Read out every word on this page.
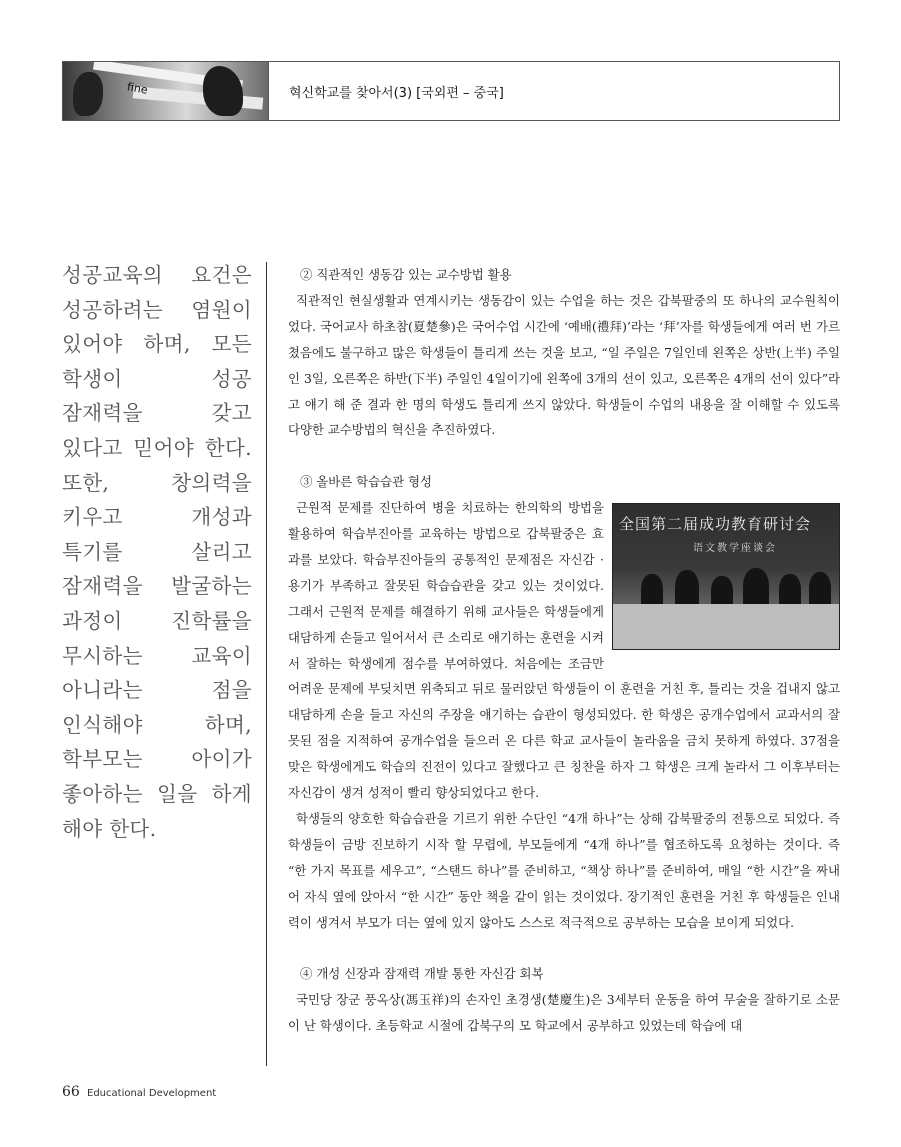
fine	혁신학교를 찾아서(3) [국외편 – 중국]
성공교육의 요건은 성공하려는 염원이 있어야 하며, 모든 학생이 성공 잠재력을 갖고 있다고 믿어야 한다. 또한, 창의력을 키우고 개성과 특기를 살리고 잠재력을 발굴하는 과정이 진학률을 무시하는 교육이 아니라는 점을 인식해야 하며, 학부모는 아이가 좋아하는 일을 하게 해야 한다.

② 직관적인 생동감 있는 교수방법 활용

직관적인 현실생활과 연계시키는 생동감이 있는 수업을 하는 것은 갑북팔중의 또 하나의 교수원칙이었다. 국어교사 하초참(夏楚參)은 국어수업 시간에 ‘예배(禮拜)’라는 ‘拜’자를 학생들에게 여러 번 가르쳤음에도 불구하고 많은 학생들이 틀리게 쓰는 것을 보고, “일 주일은 7일인데 왼쪽은 상반(上半) 주일인 3일, 오른쪽은 하반(下半) 주일인 4일이기에 왼쪽에 3개의 선이 있고, 오른쪽은 4개의 선이 있다”라고 얘기 해 준 결과 한 명의 학생도 틀리게 쓰지 않았다. 학생들이 수업의 내용을 잘 이해할 수 있도록 다양한 교수방법의 혁신을 추진하였다.

③ 올바른 학습습관 형성

全国第二届成功教育研讨会
语文教学座谈会

근원적 문제를 진단하여 병을 치료하는 한의학의 방법을 활용하여 학습부진아를 교육하는 방법으로 갑북팔중은 효과를 보았다. 학습부진아들의 공통적인 문제점은 자신감 · 용기가 부족하고 잘못된 학습습관을 갖고 있는 것이었다. 그래서 근원적 문제를 해결하기 위해 교사들은 학생들에게 대담하게 손들고 일어서서 큰 소리로 얘기하는 훈련을 시켜서 잘하는 학생에게 점수를 부여하였다. 처음에는 조금만 어려운 문제에 부딪치면 위축되고 뒤로 물러앉던 학생들이 이 훈련을 거친 후, 틀리는 것을 겁내지 않고 대담하게 손을 들고 자신의 주장을 얘기하는 습관이 형성되었다. 한 학생은 공개수업에서 교과서의 잘못된 점을 지적하여 공개수업을 들으러 온 다른 학교 교사들이 놀라움을 금치 못하게 하였다. 37점을 맞은 학생에게도 학습의 진전이 있다고 잘했다고 큰 칭찬을 하자 그 학생은 크게 놀라서 그 이후부터는 자신감이 생겨 성적이 빨리 향상되었다고 한다.

학생들의 양호한 학습습관을 기르기 위한 수단인 “4개 하나”는 상해 갑북팔중의 전통으로 되었다. 즉 학생들이 금방 진보하기 시작 할 무렵에, 부모들에게 “4개 하나”를 협조하도록 요청하는 것이다. 즉 “한 가지 목표를 세우고”, “스탠드 하나”를 준비하고, “책상 하나”를 준비하여, 매일 “한 시간”을 짜내어 자식 옆에 앉아서 “한 시간” 동안 책을 같이 읽는 것이었다. 장기적인 훈련을 거친 후 학생들은 인내력이 생겨서 부모가 더는 옆에 있지 않아도 스스로 적극적으로 공부하는 모습을 보이게 되었다.

④ 개성 신장과 잠재력 개발 통한 자신감 회복

국민당 장군 풍옥상(馮玉祥)의 손자인 초경생(楚慶生)은 3세부터 운동을 하여 무술을 잘하기로 소문이 난 학생이다. 초등학교 시절에 갑북구의 모 학교에서 공부하고 있었는데 학습에 대

66 Educational Development
